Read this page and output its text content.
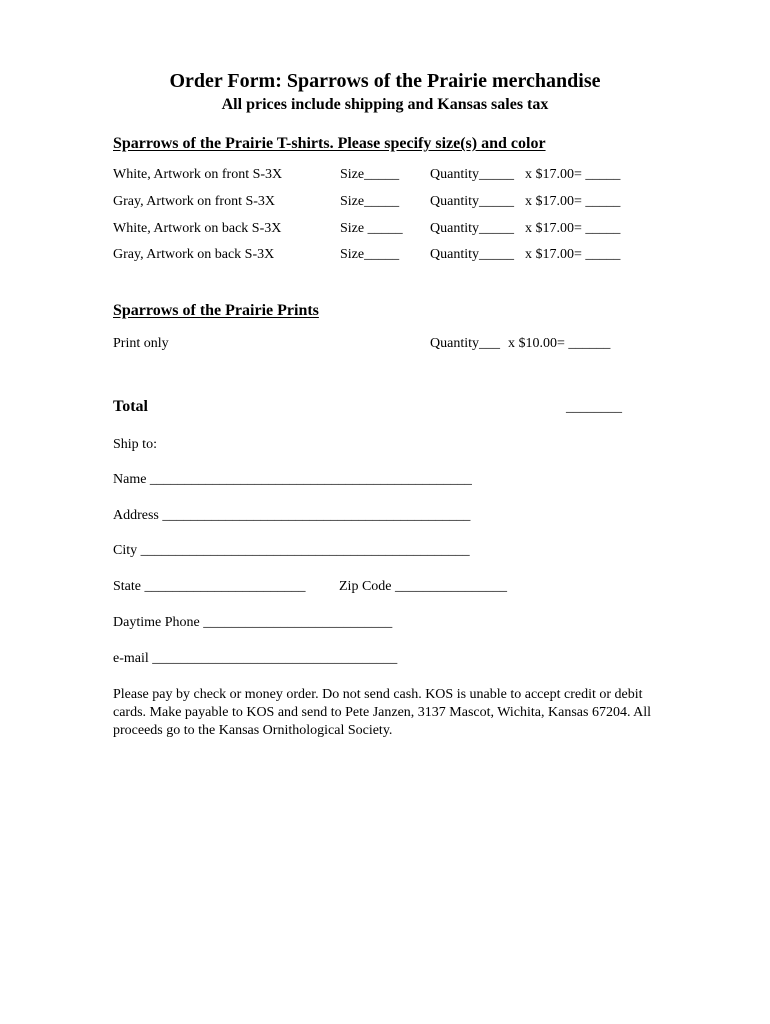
Order Form: Sparrows of the Prairie merchandise
All prices include shipping and Kansas sales tax
Sparrows of the Prairie T-shirts. Please specify size(s) and color
White, Artwork on front S-3X	Size_____ Quantity_____ x $17.00= _____
Gray, Artwork on front S-3X	Size_____ Quantity_____ x $17.00= _____
White, Artwork on back S-3X	Size _____ Quantity_____ x $17.00= _____
Gray, Artwork on back S-3X	Size_____ Quantity_____ x $17.00= _____
Sparrows of the Prairie Prints
Print only	Quantity___ x $10.00= ______
Total	________
Ship to:
Name ______________________________________________
Address ____________________________________________
City _______________________________________________
State _______________________ Zip Code ________________
Daytime Phone ___________________________
e-mail ___________________________________
Please pay by check or money order. Do not send cash. KOS is unable to accept credit or debit cards. Make payable to KOS and send to Pete Janzen, 3137 Mascot, Wichita, Kansas 67204. All proceeds go to the Kansas Ornithological Society.
